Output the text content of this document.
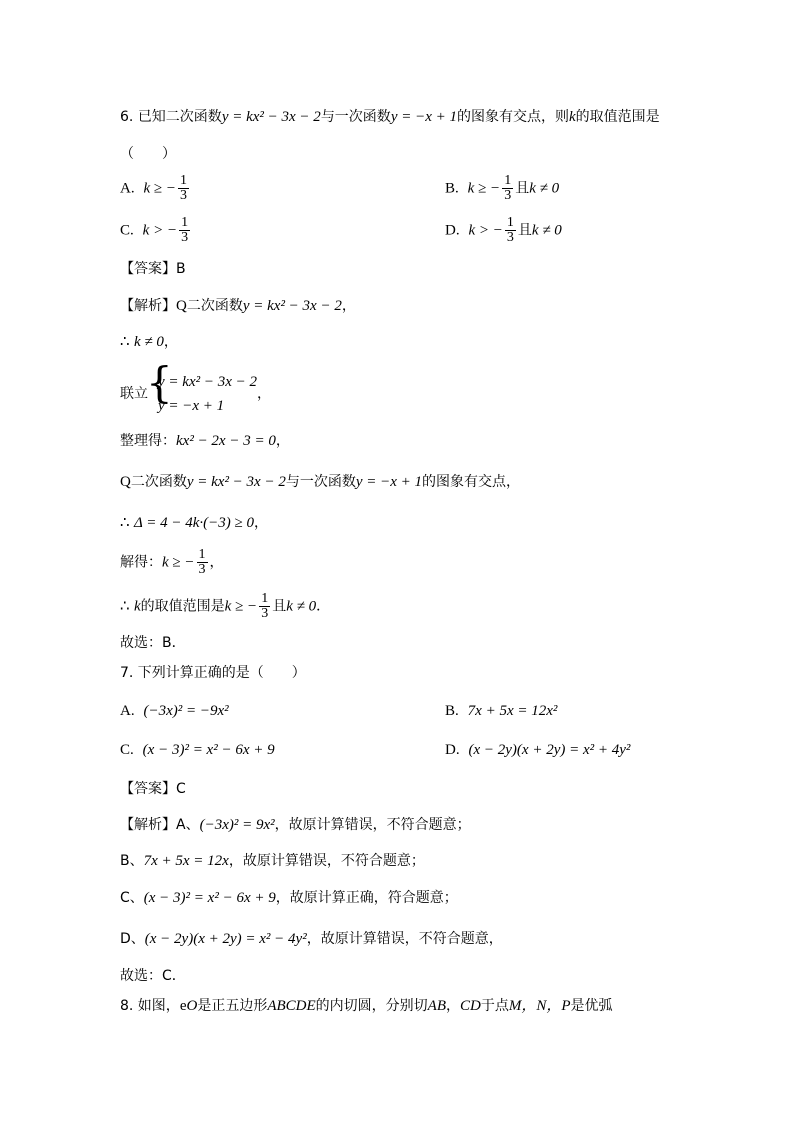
6. 已知二次函数y = kx² − 3x − 2与一次函数y = −x + 1的图象有交点，则k的取值范围是
（　　）
A. k ≥ − $\frac{1}{3}$	B. k ≥ − $\frac{1}{3}$ 且k ≠ 0
C. k > − $\frac{1}{3}$	D. k > − $\frac{1}{3}$ 且k ≠ 0
【答案】B
【解析】Q二次函数y = kx² − 3x − 2，
∴ k ≠ 0，
联立
{
y = kx² − 3x − 2
y = −x + 1
，
整理得：kx² − 2x − 3 = 0，
Q二次函数y = kx² − 3x − 2与一次函数y = −x + 1的图象有交点，
∴ Δ = 4 − 4k·(−3) ≥ 0，
解得：k ≥ − $\frac{1}{3}$ ，
∴ k的取值范围是k ≥ − $\frac{1}{3}$ 且k ≠ 0．
故选：B．
7. 下列计算正确的是（　　）
A. (−3x)² = −9x²	B. 7x + 5x = 12x²
C. (x − 3)² = x² − 6x + 9	D. (x − 2y)(x + 2y) = x² + 4y²
【答案】C
【解析】A、(−3x)² = 9x²，故原计算错误，不符合题意；
B、7x + 5x = 12x，故原计算错误，不符合题意；
C、(x − 3)² = x² − 6x + 9，故原计算正确，符合题意；
D、(x − 2y)(x + 2y) = x² − 4y²，故原计算错误，不符合题意，
故选：C．
8. 如图，eO是正五边形ABCDE的内切圆，分别切AB，CD于点M，N，P是优弧
